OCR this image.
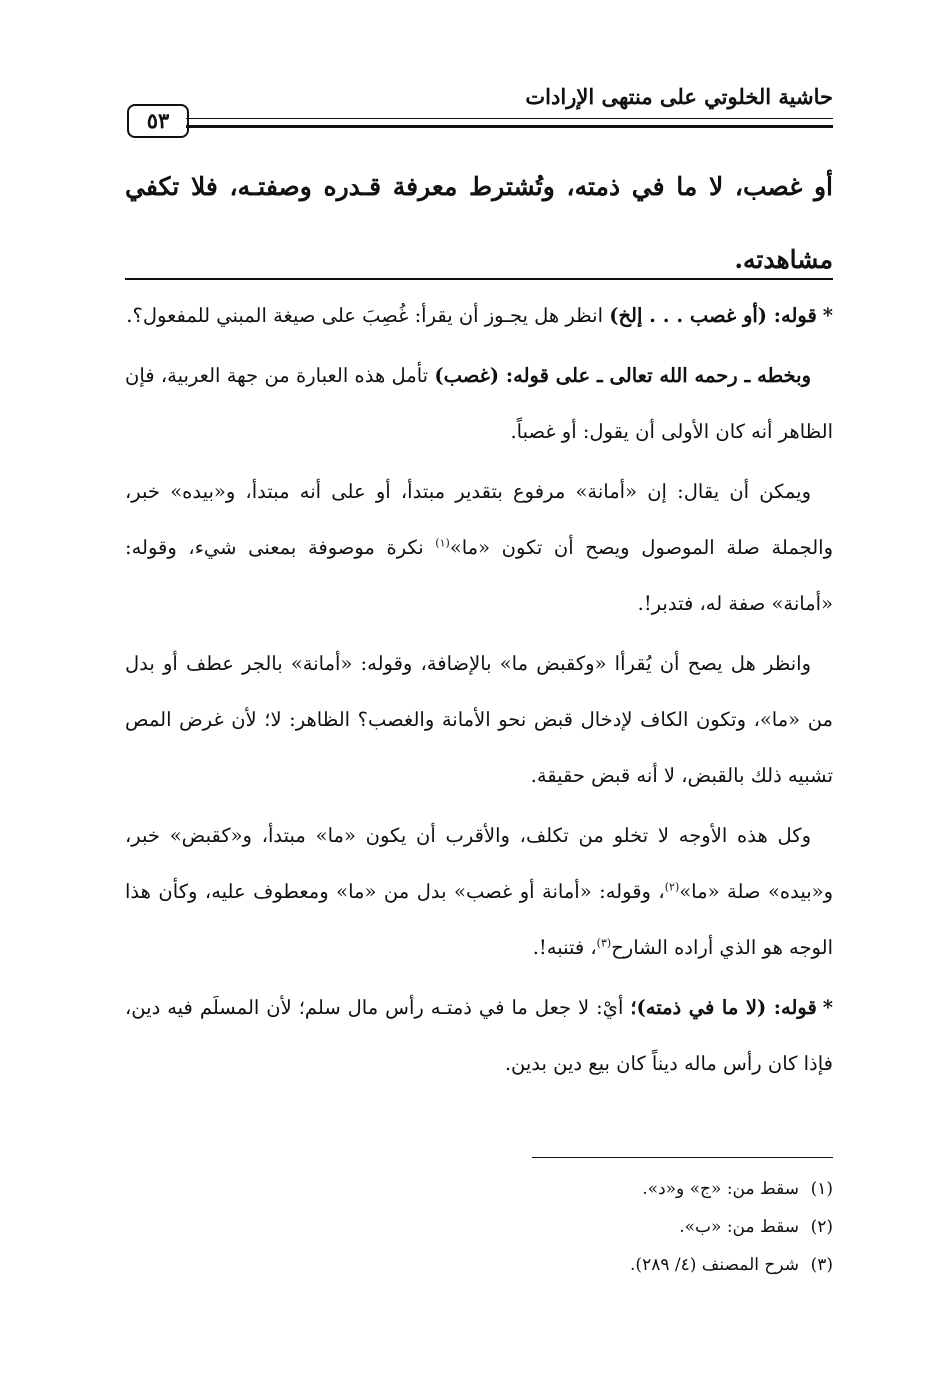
حاشية الخلوتي على منتهى الإرادات
٥٣

أو غصب، لا ما في ذمته، وتُشترط معرفة قـدره وصفتـه، فلا تكفي مشاهدته.

*قوله: (أو غصب . . . إلخ) انظر هل يجـوز أن يقرأ: غُصِبَ على صيغة المبني للمفعول؟.

وبخطه ـ رحمه الله تعالى ـ على قوله: (غصب) تأمل هذه العبارة من جهة العربية، فإن الظاهر أنه كان الأولى أن يقول: أو غصباً.

ويمكن أن يقال: إن «أمانة» مرفوع بتقدير مبتدأ، أو على أنه مبتدأ، و«بيده» خبر، والجملة صلة الموصول ويصح أن تكون «ما»$^{(١)}$ نكرة موصوفة بمعنى شيء، وقوله: «أمانة» صفة له، فتدبر!.

وانظر هل يصح أن يُقرأا «وكقبض ما» بالإضافة، وقوله: «أمانة» بالجر عطف أو بدل من «ما»، وتكون الكاف لإدخال قبض نحو الأمانة والغصب؟ الظاهر: لا؛ لأن غرض المص تشبيه ذلك بالقبض، لا أنه قبض حقيقة.

وكل هذه الأوجه لا تخلو من تكلف، والأقرب أن يكون «ما» مبتدأ، و«كقبض» خبر، و«بيده» صلة «ما»$^{(٢)}$، وقوله: «أمانة أو غصب» بدل من «ما» ومعطوف عليه، وكأن هذا الوجه هو الذي أراده الشارح$^{(٣)}$، فتنبه!.

*قوله: (لا ما في ذمته)؛ أيْ: لا جعل ما في ذمتـه رأس مال سلم؛ لأن المسلَم فيه دين، فإذا كان رأس ماله ديناً كان بيع دين بدين.

(١)سقط من: «ج» و«د».
(٢)سقط من: «ب».
(٣)شرح المصنف (٤/ ٢٨٩).
